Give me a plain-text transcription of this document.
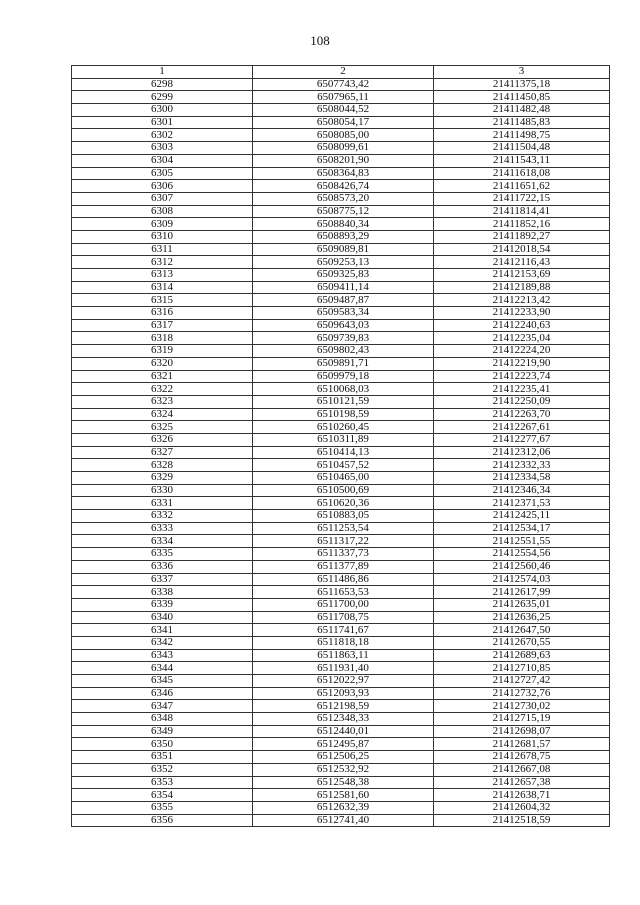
108
1	2	3
6298	6507743,42	21411375,18
6299	6507965,11	21411450,85
6300	6508044,52	21411482,48
6301	6508054,17	21411485,83
6302	6508085,00	21411498,75
6303	6508099,61	21411504,48
6304	6508201,90	21411543,11
6305	6508364,83	21411618,08
6306	6508426,74	21411651,62
6307	6508573,20	21411722,15
6308	6508775,12	21411814,41
6309	6508840,34	21411852,16
6310	6508893,29	21411892,27
6311	6509089,81	21412018,54
6312	6509253,13	21412116,43
6313	6509325,83	21412153,69
6314	6509411,14	21412189,88
6315	6509487,87	21412213,42
6316	6509583,34	21412233,90
6317	6509643,03	21412240,63
6318	6509739,83	21412235,04
6319	6509802,43	21412224,20
6320	6509891,71	21412219,90
6321	6509979,18	21412223,74
6322	6510068,03	21412235,41
6323	6510121,59	21412250,09
6324	6510198,59	21412263,70
6325	6510260,45	21412267,61
6326	6510311,89	21412277,67
6327	6510414,13	21412312,06
6328	6510457,52	21412332,33
6329	6510465,00	21412334,58
6330	6510500,69	21412346,34
6331	6510620,36	21412371,53
6332	6510883,05	21412425,11
6333	6511253,54	21412534,17
6334	6511317,22	21412551,55
6335	6511337,73	21412554,56
6336	6511377,89	21412560,46
6337	6511486,86	21412574,03
6338	6511653,53	21412617,99
6339	6511700,00	21412635,01
6340	6511708,75	21412636,25
6341	6511741,67	21412647,50
6342	6511818,18	21412670,55
6343	6511863,11	21412689,63
6344	6511931,40	21412710,85
6345	6512022,97	21412727,42
6346	6512093,93	21412732,76
6347	6512198,59	21412730,02
6348	6512348,33	21412715,19
6349	6512440,01	21412698,07
6350	6512495,87	21412681,57
6351	6512506,25	21412678,75
6352	6512532,92	21412667,08
6353	6512548,38	21412657,38
6354	6512581,60	21412638,71
6355	6512632,39	21412604,32
6356	6512741,40	21412518,59
